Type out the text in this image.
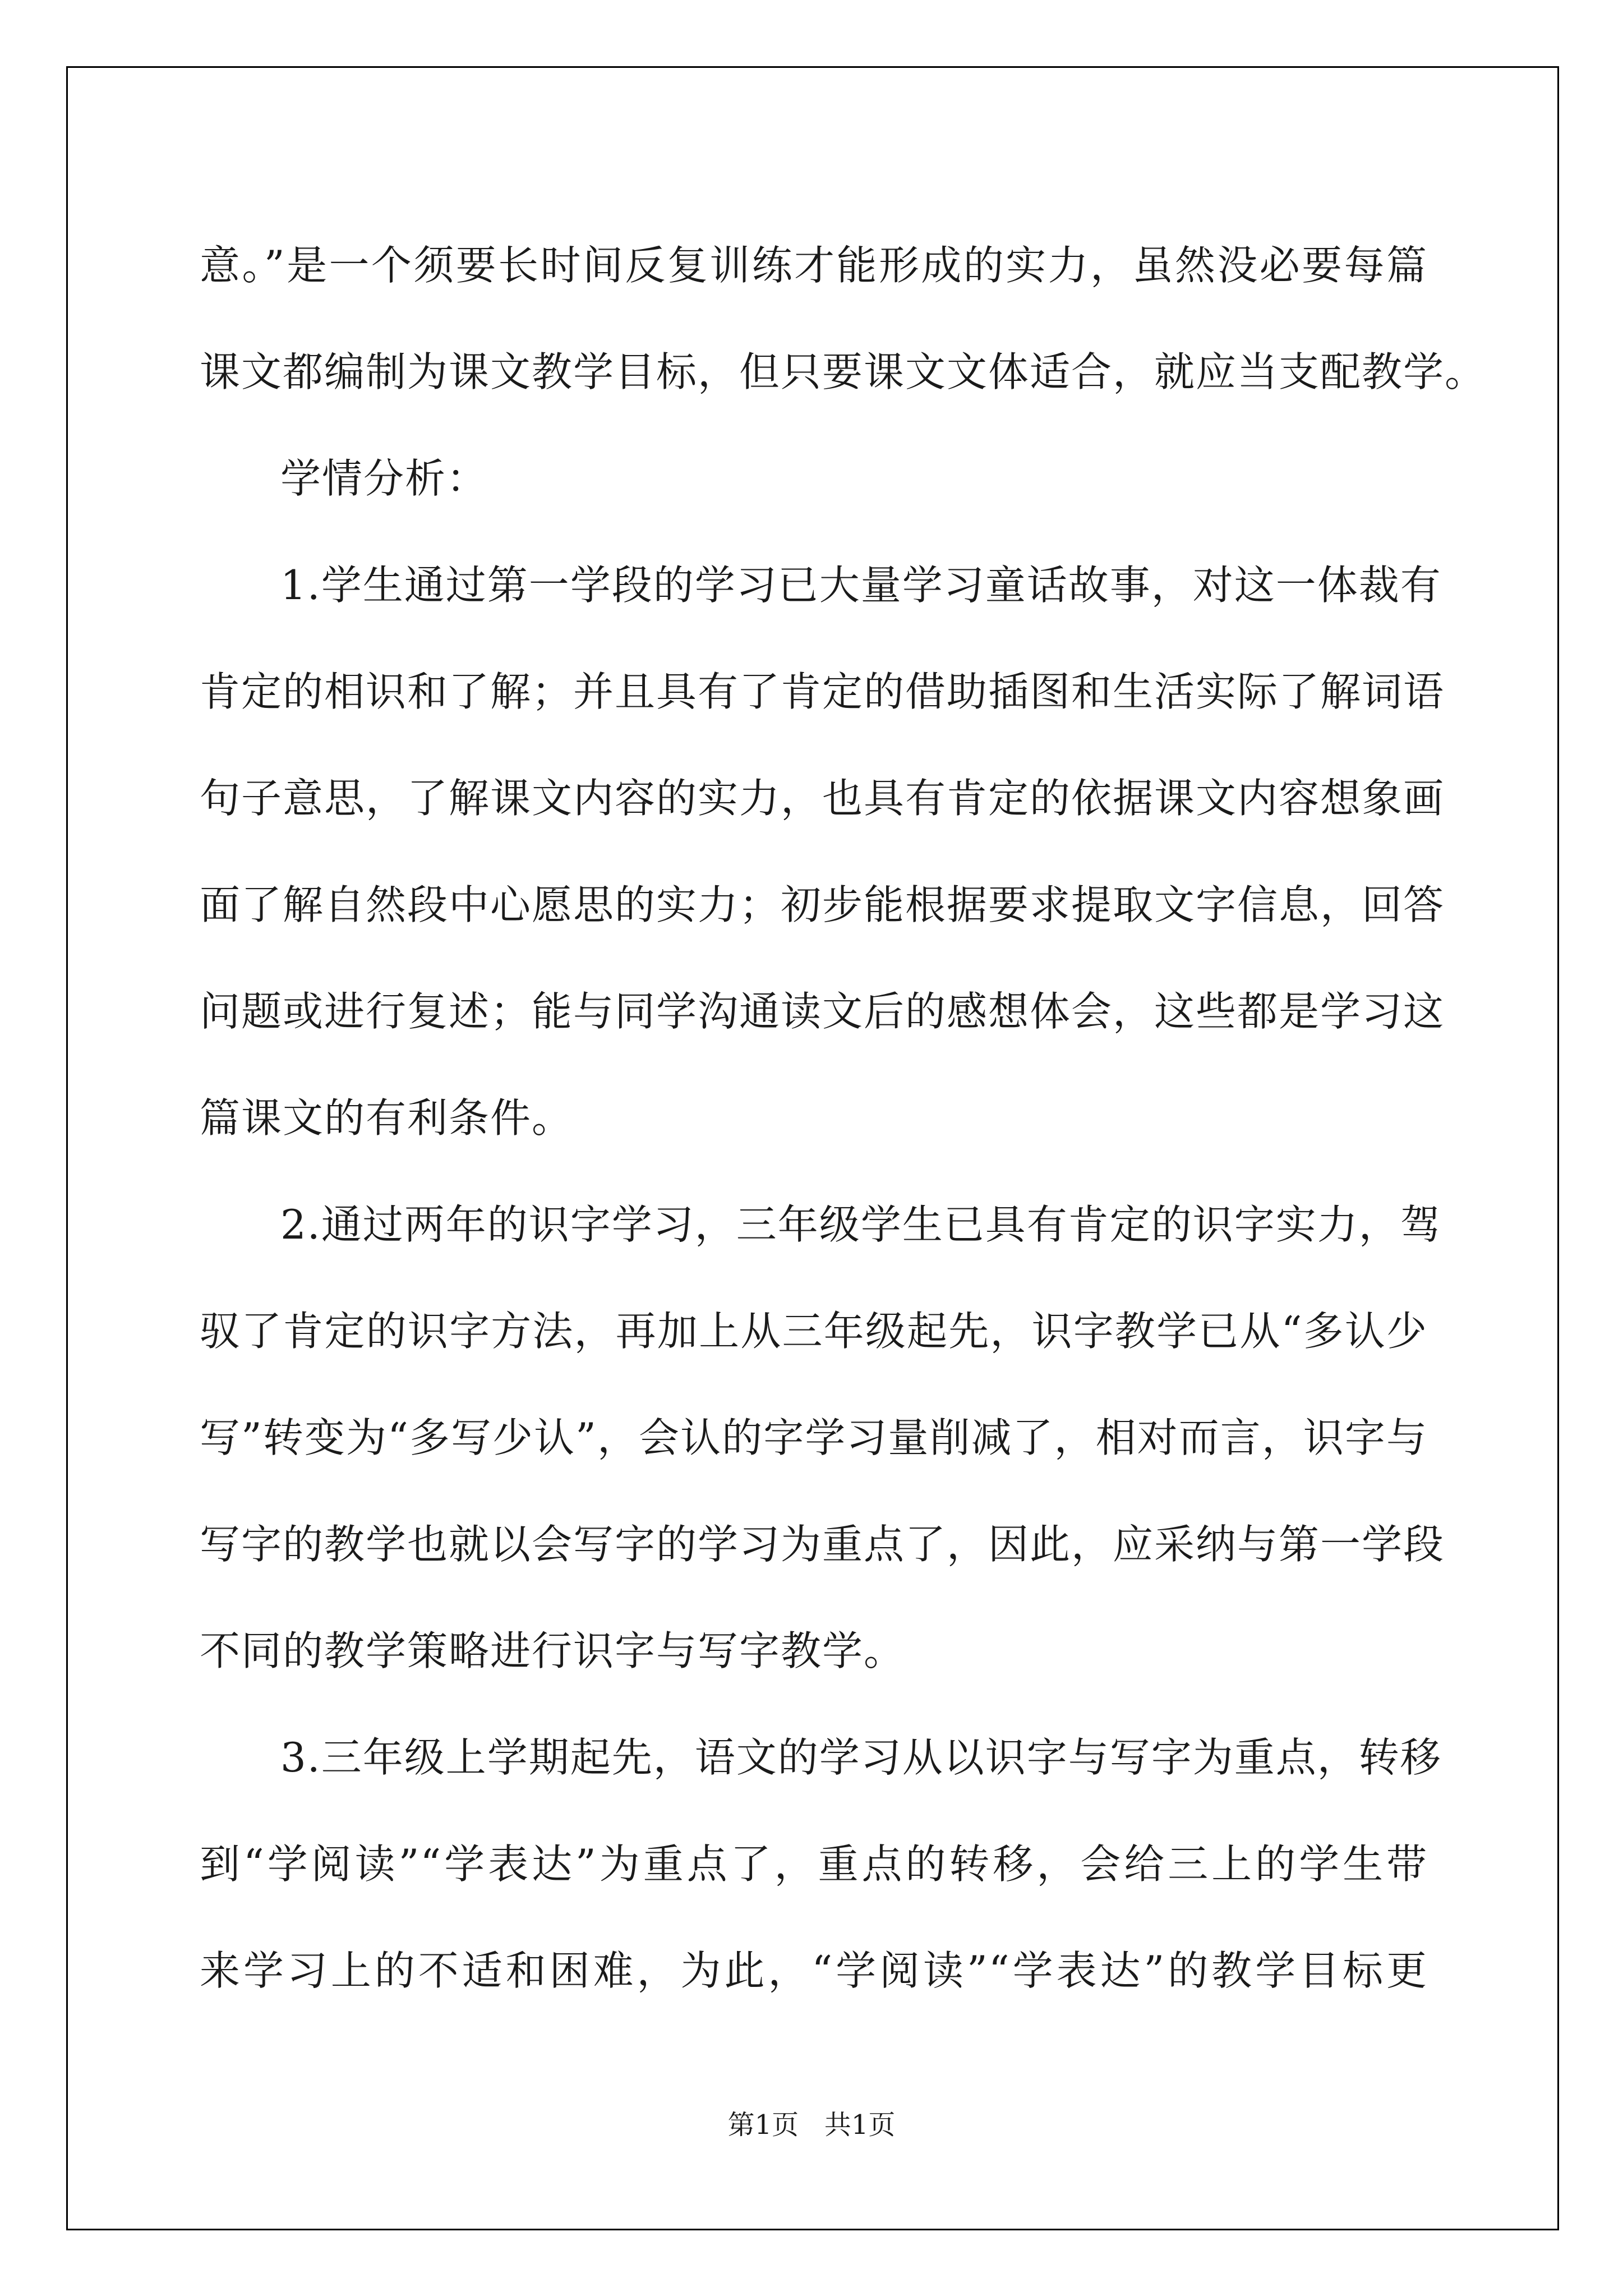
意。”是一个须要长时间反复训练才能形成的实力，虽然没必要每篇
课文都编制为课文教学目标，但只要课文文体适合，就应当支配教学。
学情分析：
1.学生通过第一学段的学习已大量学习童话故事，对这一体裁有
肯定的相识和了解；并且具有了肯定的借助插图和生活实际了解词语
句子意思，了解课文内容的实力，也具有肯定的依据课文内容想象画
面了解自然段中心愿思的实力；初步能根据要求提取文字信息，回答
问题或进行复述；能与同学沟通读文后的感想体会，这些都是学习这
篇课文的有利条件。
2.通过两年的识字学习，三年级学生已具有肯定的识字实力，驾
驭了肯定的识字方法，再加上从三年级起先，识字教学已从“多认少
写”转变为“多写少认”，会认的字学习量削减了，相对而言，识字与
写字的教学也就以会写字的学习为重点了，因此，应采纳与第一学段
不同的教学策略进行识字与写字教学。
3.三年级上学期起先，语文的学习从以识字与写字为重点，转移
到“学阅读”“学表达”为重点了，重点的转移，会给三上的学生带
来学习上的不适和困难，为此，“学阅读”“学表达”的教学目标更
第1页   共1页
